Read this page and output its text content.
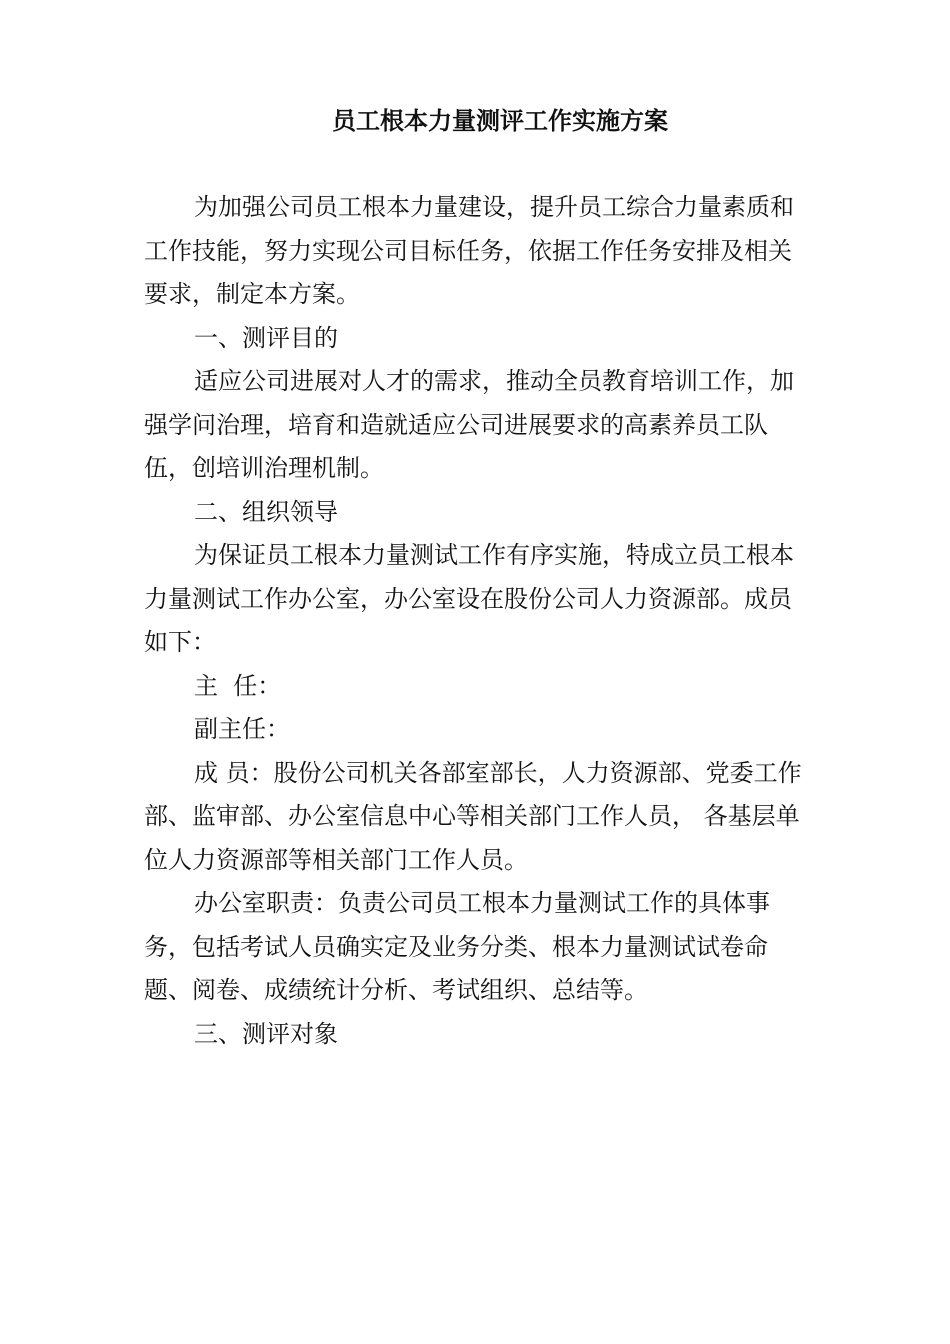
员工根本力量测评工作实施方案

为加强公司员工根本力量建设，提升员工综合力量素质和工作技能，努力实现公司目标任务，依据工作任务安排及相关要求，制定本方案。

一、测评目的

适应公司进展对人才的需求，推动全员教育培训工作，加强学问治理，培育和造就适应公司进展要求的高素养员工队伍，创培训治理机制。

二、组织领导

为保证员工根本力量测试工作有序实施，特成立员工根本力量测试工作办公室，办公室设在股份公司人力资源部。成员如下：

主  任：

副主任：

成 员：股份公司机关各部室部长，人力资源部、党委工作部、监审部、办公室信息中心等相关部门工作人员， 各基层单位人力资源部等相关部门工作人员。

办公室职责：负责公司员工根本力量测试工作的具体事务，包括考试人员确实定及业务分类、根本力量测试试卷命题、阅卷、成绩统计分析、考试组织、总结等。

三、测评对象
